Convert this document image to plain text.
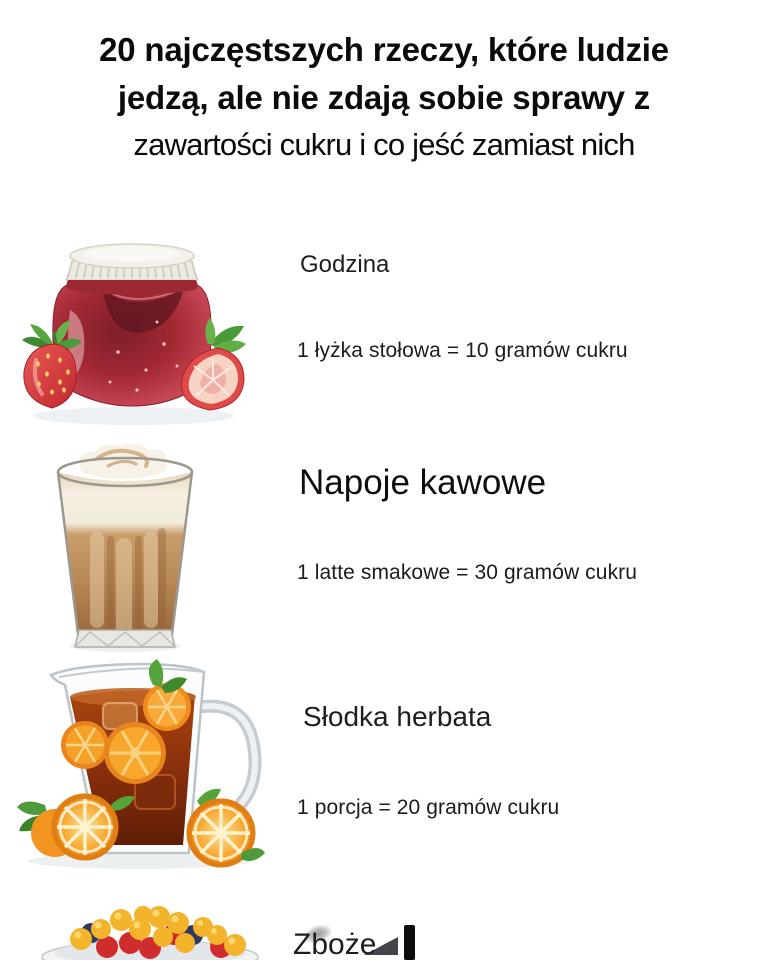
20 najczęstszych rzeczy, które ludzie
jedzą, ale nie zdają sobie sprawy z
zawartości cukru i co jeść zamiast nich
Godzina

1 łyżka stołowa = 10 gramów cukru

Napoje kawowe

1 latte smakowe = 30 gramów cukru

Słodka herbata

1 porcja = 20 gramów cukru

Zboże
